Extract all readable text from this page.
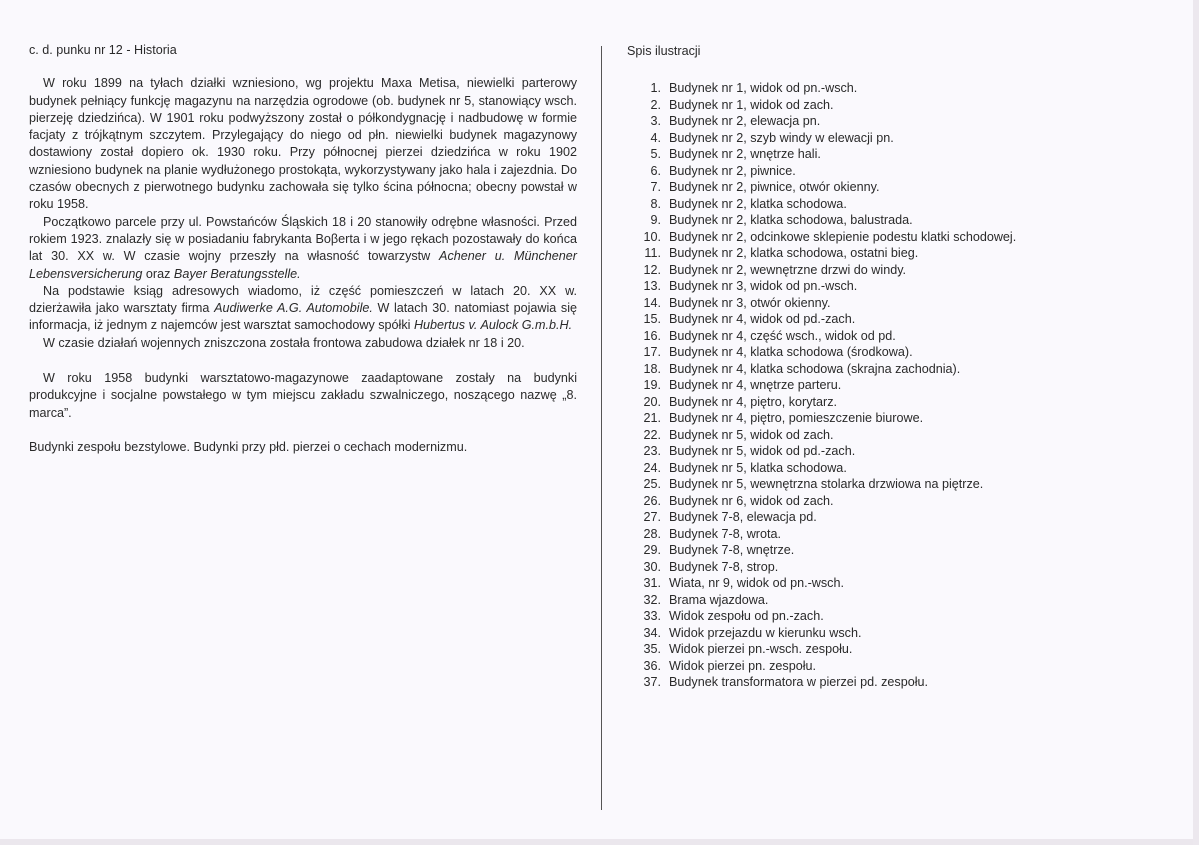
c. d. punku nr 12 - Historia

W roku 1899 na tyłach działki wzniesiono, wg projektu Maxa Metisa, niewielki parterowy budynek pełniący funkcję magazynu na narzędzia ogrodowe (ob. budynek nr 5, stanowiący wsch. pierzeję dziedzińca). W 1901 roku podwyższony został o półkondygnację i nadbudowę w formie facjaty z trójkątnym szczytem. Przylegający do niego od płn. niewielki budynek magazynowy dostawiony został dopiero ok. 1930 roku. Przy północnej pierzei dziedzińca w roku 1902 wzniesiono budynek na planie wydłużonego prostokąta, wykorzystywany jako hala i zajezdnia. Do czasów obecnych z pierwotnego budynku zachowała się tylko ścina północna; obecny powstał w roku 1958.

Początkowo parcele przy ul. Powstańców Śląskich 18 i 20 stanowiły odrębne własności. Przed rokiem 1923. znalazły się w posiadaniu fabrykanta Boβerta i w jego rękach pozostawały do końca lat 30. XX w. W czasie wojny przeszły na własność towarzystw Achener u. Münchener Lebensversicherung oraz Bayer Beratungsstelle.

Na podstawie ksiąg adresowych wiadomo, iż część pomieszczeń w latach 20. XX w. dzierżawiła jako warsztaty firma Audiwerke A.G. Automobile. W latach 30. natomiast pojawia się informacja, iż jednym z najemców jest warsztat samochodowy spółki Hubertus v. Aulock G.m.b.H.

W czasie działań wojennych zniszczona została frontowa zabudowa działek nr 18 i 20.

W roku 1958 budynki warsztatowo-magazynowe zaadaptowane zostały na budynki produkcyjne i socjalne powstałego w tym miejscu zakładu szwalniczego, noszącego nazwę „8. marca”.

Budynki zespołu bezstylowe. Budynki przy płd. pierzei o cechach modernizmu.

Spis ilustracji
1. Budynek nr 1, widok od pn.-wsch.
2. Budynek nr 1, widok od zach.
3. Budynek nr 2, elewacja pn.
4. Budynek nr 2, szyb windy w elewacji pn.
5. Budynek nr 2, wnętrze hali.
6. Budynek nr 2, piwnice.
7. Budynek nr 2, piwnice, otwór okienny.
8. Budynek nr 2, klatka schodowa.
9. Budynek nr 2, klatka schodowa, balustrada.
10. Budynek nr 2, odcinkowe sklepienie podestu klatki schodowej.
11. Budynek nr 2, klatka schodowa, ostatni bieg.
12. Budynek nr 2, wewnętrzne drzwi do windy.
13. Budynek nr 3, widok od pn.-wsch.
14. Budynek nr 3, otwór okienny.
15. Budynek nr 4, widok od pd.-zach.
16. Budynek nr 4, część wsch., widok od pd.
17. Budynek nr 4, klatka schodowa (środkowa).
18. Budynek nr 4, klatka schodowa (skrajna zachodnia).
19. Budynek nr 4, wnętrze parteru.
20. Budynek nr 4, piętro, korytarz.
21. Budynek nr 4, piętro, pomieszczenie biurowe.
22. Budynek nr 5, widok od zach.
23. Budynek nr 5, widok od pd.-zach.
24. Budynek nr 5, klatka schodowa.
25. Budynek nr 5, wewnętrzna stolarka drzwiowa na piętrze.
26. Budynek nr 6, widok od zach.
27. Budynek 7-8, elewacja pd.
28. Budynek 7-8, wrota.
29. Budynek 7-8, wnętrze.
30. Budynek 7-8, strop.
31. Wiata, nr 9, widok od pn.-wsch.
32. Brama wjazdowa.
33. Widok zespołu od pn.-zach.
34. Widok przejazdu w kierunku wsch.
35. Widok pierzei pn.-wsch. zespołu.
36. Widok pierzei pn. zespołu.
37. Budynek transformatora w pierzei pd. zespołu.
